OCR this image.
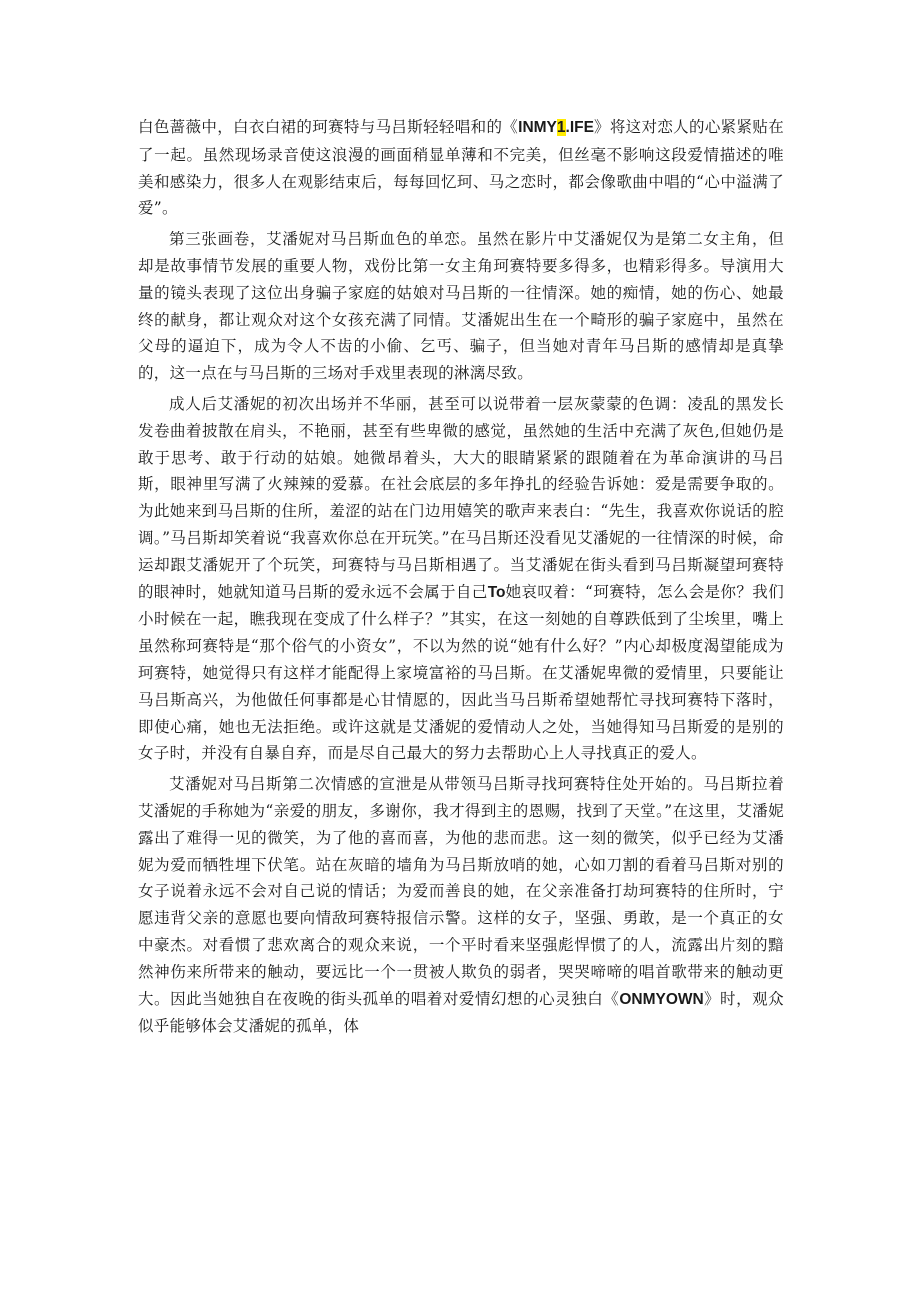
白色蔷薇中，白衣白裙的珂赛特与马吕斯轻轻唱和的《INMY1.IFE》将这对恋人的心紧紧贴在了一起。虽然现场录音使这浪漫的画面稍显单薄和不完美，但丝毫不影响这段爱情描述的唯美和感染力，很多人在观影结束后，每每回忆珂、马之恋时，都会像歌曲中唱的“心中溢满了爱”。

第三张画卷，艾潘妮对马吕斯血色的单恋。虽然在影片中艾潘妮仅为是第二女主角，但却是故事情节发展的重要人物，戏份比第一女主角珂赛特要多得多，也精彩得多。导演用大量的镜头表现了这位出身骗子家庭的姑娘对马吕斯的一往情深。她的痴情，她的伤心、她最终的献身，都让观众对这个女孩充满了同情。艾潘妮出生在一个畸形的骗子家庭中，虽然在父母的逼迫下，成为令人不齿的小偷、乞丐、骗子，但当她对青年马吕斯的感情却是真挚的，这一点在与马吕斯的三场对手戏里表现的淋漓尽致。

成人后艾潘妮的初次出场并不华丽，甚至可以说带着一层灰蒙蒙的色调：凌乱的黑发长发卷曲着披散在肩头，不艳丽，甚至有些卑微的感觉，虽然她的生活中充满了灰色,但她仍是敢于思考、敢于行动的姑娘。她微昂着头，大大的眼睛紧紧的跟随着在为革命演讲的马吕斯，眼神里写满了火辣辣的爱慕。在社会底层的多年挣扎的经验告诉她：爱是需要争取的。为此她来到马吕斯的住所，羞涩的站在门边用嬉笑的歌声来表白：“先生，我喜欢你说话的腔调。”马吕斯却笑着说“我喜欢你总在开玩笑。”在马吕斯还没看见艾潘妮的一往情深的时候，命运却跟艾潘妮开了个玩笑，珂赛特与马吕斯相遇了。当艾潘妮在街头看到马吕斯凝望珂赛特的眼神时，她就知道马吕斯的爱永远不会属于自己To她哀叹着：“珂赛特，怎么会是你？我们小时候在一起，瞧我现在变成了什么样子？”其实，在这一刻她的自尊跌低到了尘埃里，嘴上虽然称珂赛特是“那个俗气的小资女”，不以为然的说“她有什么好？”内心却极度渴望能成为珂赛特，她觉得只有这样才能配得上家境富裕的马吕斯。在艾潘妮卑微的爱情里，只要能让马吕斯高兴，为他做任何事都是心甘情愿的，因此当马吕斯希望她帮忙寻找珂赛特下落时，即使心痛，她也无法拒绝。或许这就是艾潘妮的爱情动人之处，当她得知马吕斯爱的是别的女子时，并没有自暴自弃，而是尽自己最大的努力去帮助心上人寻找真正的爱人。

艾潘妮对马吕斯第二次情感的宣泄是从带领马吕斯寻找珂赛特住处开始的。马吕斯拉着艾潘妮的手称她为“亲爱的朋友，多谢你，我才得到主的恩赐，找到了天堂。”在这里，艾潘妮露出了难得一见的微笑，为了他的喜而喜，为他的悲而悲。这一刻的微笑，似乎已经为艾潘妮为爱而牺牲埋下伏笔。站在灰暗的墙角为马吕斯放哨的她，心如刀割的看着马吕斯对别的女子说着永远不会对自己说的情话；为爱而善良的她，在父亲准备打劫珂赛特的住所时，宁愿违背父亲的意愿也要向情敌珂赛特报信示警。这样的女子，坚强、勇敢，是一个真正的女中豪杰。对看惯了悲欢离合的观众来说，一个平时看来坚强彪悍惯了的人，流露出片刻的黯然神伤来所带来的触动，要远比一个一贯被人欺负的弱者，哭哭啼啼的唱首歌带来的触动更大。因此当她独自在夜晚的街头孤单的唱着对爱情幻想的心灵独白《ONMYOWN》时，观众似乎能够体会艾潘妮的孤单，体
